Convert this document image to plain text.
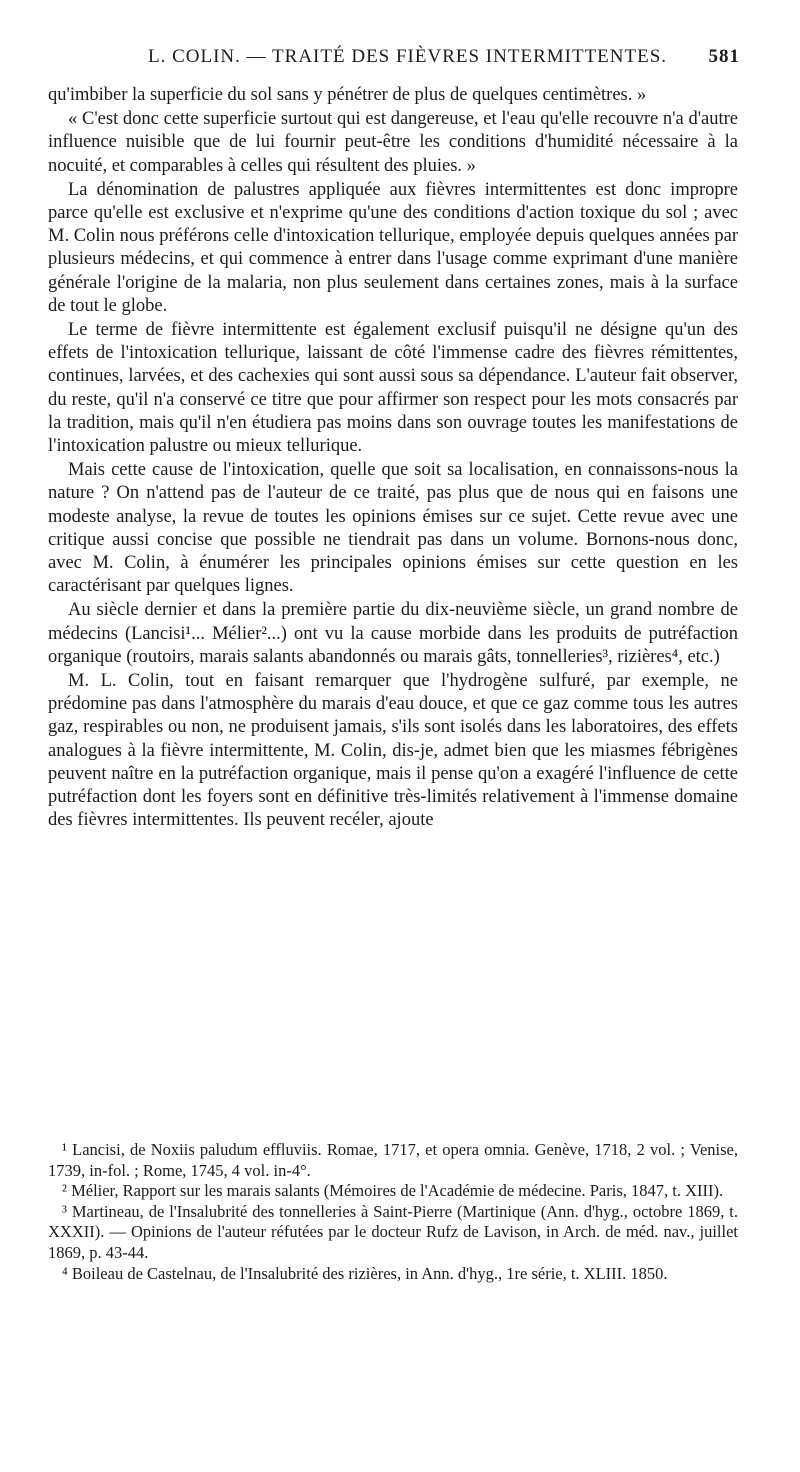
L. COLIN. — TRAITÉ DES FIÈVRES INTERMITTENTES. 581

qu'imbiber la superficie du sol sans y pénétrer de plus de quelques centimètres. »

« C'est donc cette superficie surtout qui est dangereuse, et l'eau qu'elle recouvre n'a d'autre influence nuisible que de lui fournir peut-être les conditions d'humidité nécessaire à la nocuité, et comparables à celles qui résultent des pluies. »

La dénomination de palustres appliquée aux fièvres intermittentes est donc impropre parce qu'elle est exclusive et n'exprime qu'une des conditions d'action toxique du sol ; avec M. Colin nous préférons celle d'intoxication tellurique, employée depuis quelques années par plusieurs médecins, et qui commence à entrer dans l'usage comme exprimant d'une manière générale l'origine de la malaria, non plus seulement dans certaines zones, mais à la surface de tout le globe.

Le terme de fièvre intermittente est également exclusif puisqu'il ne désigne qu'un des effets de l'intoxication tellurique, laissant de côté l'immense cadre des fièvres rémittentes, continues, larvées, et des cachexies qui sont aussi sous sa dépendance. L'auteur fait observer, du reste, qu'il n'a conservé ce titre que pour affirmer son respect pour les mots consacrés par la tradition, mais qu'il n'en étudiera pas moins dans son ouvrage toutes les manifestations de l'intoxication palustre ou mieux tellurique.

Mais cette cause de l'intoxication, quelle que soit sa localisation, en connaissons-nous la nature ? On n'attend pas de l'auteur de ce traité, pas plus que de nous qui en faisons une modeste analyse, la revue de toutes les opinions émises sur ce sujet. Cette revue avec une critique aussi concise que possible ne tiendrait pas dans un volume. Bornons-nous donc, avec M. Colin, à énumérer les principales opinions émises sur cette question en les caractérisant par quelques lignes.

Au siècle dernier et dans la première partie du dix-neuvième siècle, un grand nombre de médecins (Lancisi¹... Mélier²...) ont vu la cause morbide dans les produits de putréfaction organique (routoirs, marais salants abandonnés ou marais gâts, tonnelleries³, rizières⁴, etc.)

M. L. Colin, tout en faisant remarquer que l'hydrogène sulfuré, par exemple, ne prédomine pas dans l'atmosphère du marais d'eau douce, et que ce gaz comme tous les autres gaz, respirables ou non, ne produisent jamais, s'ils sont isolés dans les laboratoires, des effets analogues à la fièvre intermittente, M. Colin, dis-je, admet bien que les miasmes fébrigènes peuvent naître en la putréfaction organique, mais il pense qu'on a exagéré l'influence de cette putréfaction dont les foyers sont en définitive très-limités relativement à l'immense domaine des fièvres intermittentes. Ils peuvent recéler, ajoute

¹ Lancisi, de Noxiis paludum effluviis. Romae, 1717, et opera omnia. Genève, 1718, 2 vol. ; Venise, 1739, in-fol. ; Rome, 1745, 4 vol. in-4°.

² Mélier, Rapport sur les marais salants (Mémoires de l'Académie de médecine. Paris, 1847, t. XIII).

³ Martineau, de l'Insalubrité des tonnelleries à Saint-Pierre (Martinique (Ann. d'hyg., octobre 1869, t. XXXII). — Opinions de l'auteur réfutées par le docteur Rufz de Lavison, in Arch. de méd. nav., juillet 1869, p. 43-44.

⁴ Boileau de Castelnau, de l'Insalubrité des rizières, in Ann. d'hyg., 1re série, t. XLIII. 1850.
